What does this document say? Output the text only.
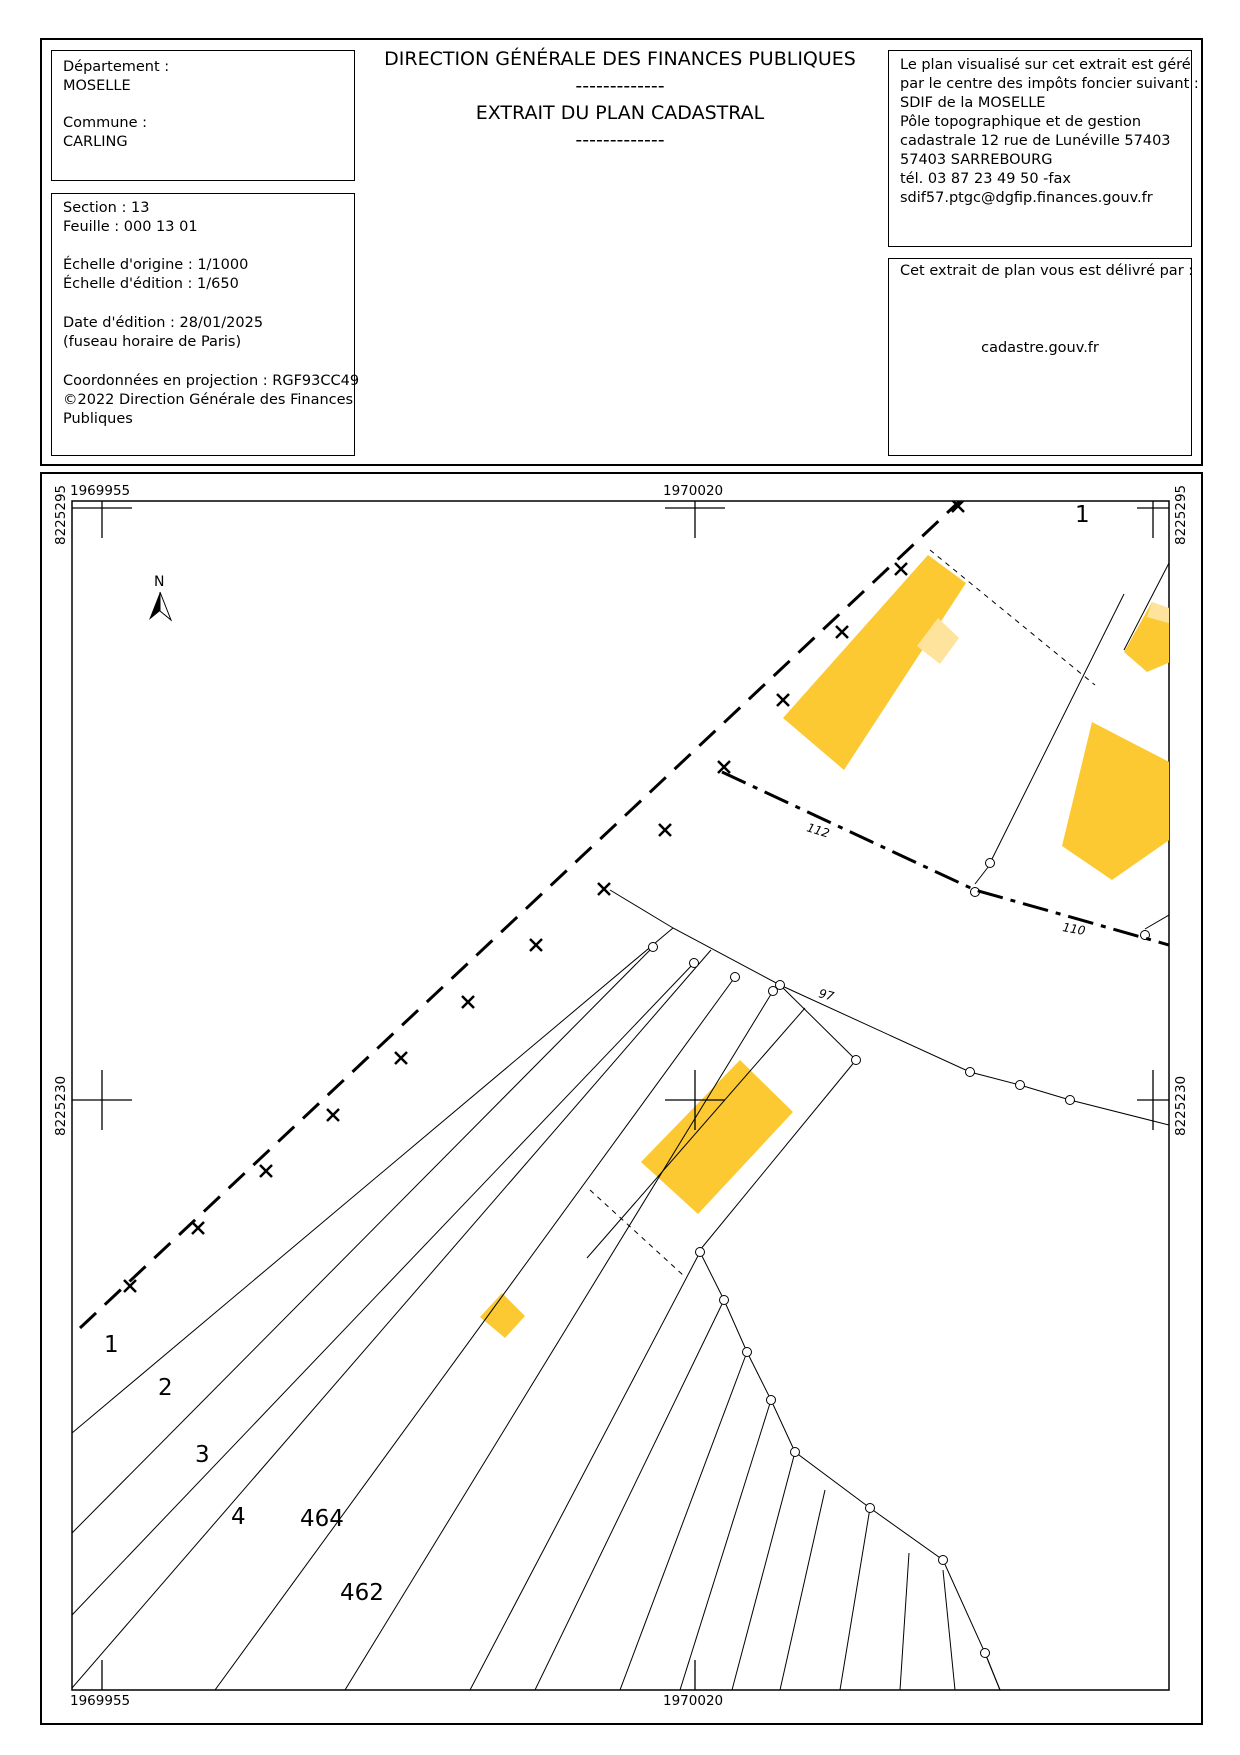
Département :
MOSELLE
Commune :
CARLING
DIRECTION GÉNÉRALE DES FINANCES PUBLIQUES
-------------
EXTRAIT DU PLAN CADASTRAL
-------------
Section : 13
Feuille : 000 13 01
Échelle d'origine : 1/1000
Échelle d'édition : 1/650
Date d'édition : 28/01/2025
(fuseau horaire de Paris)
Coordonnées en projection : RGF93CC49
©2022 Direction Générale des Finances
Publiques
Le plan visualisé sur cet extrait est géré
par le centre des impôts foncier suivant :
SDIF de la MOSELLE
Pôle topographique et de gestion
cadastrale 12 rue de Lunéville 57403
57403 SARREBOURG
tél. 03 87 23 49 50 -fax
sdif57.ptgc@dgfip.finances.gouv.fr
Cet extrait de plan vous est délivré par :
cadastre.gouv.fr
1969955	1970020
1969955	1970020
8225295
8225230
8225295
8225230
N
1
1
2
3
4 464
462
112
110
97
